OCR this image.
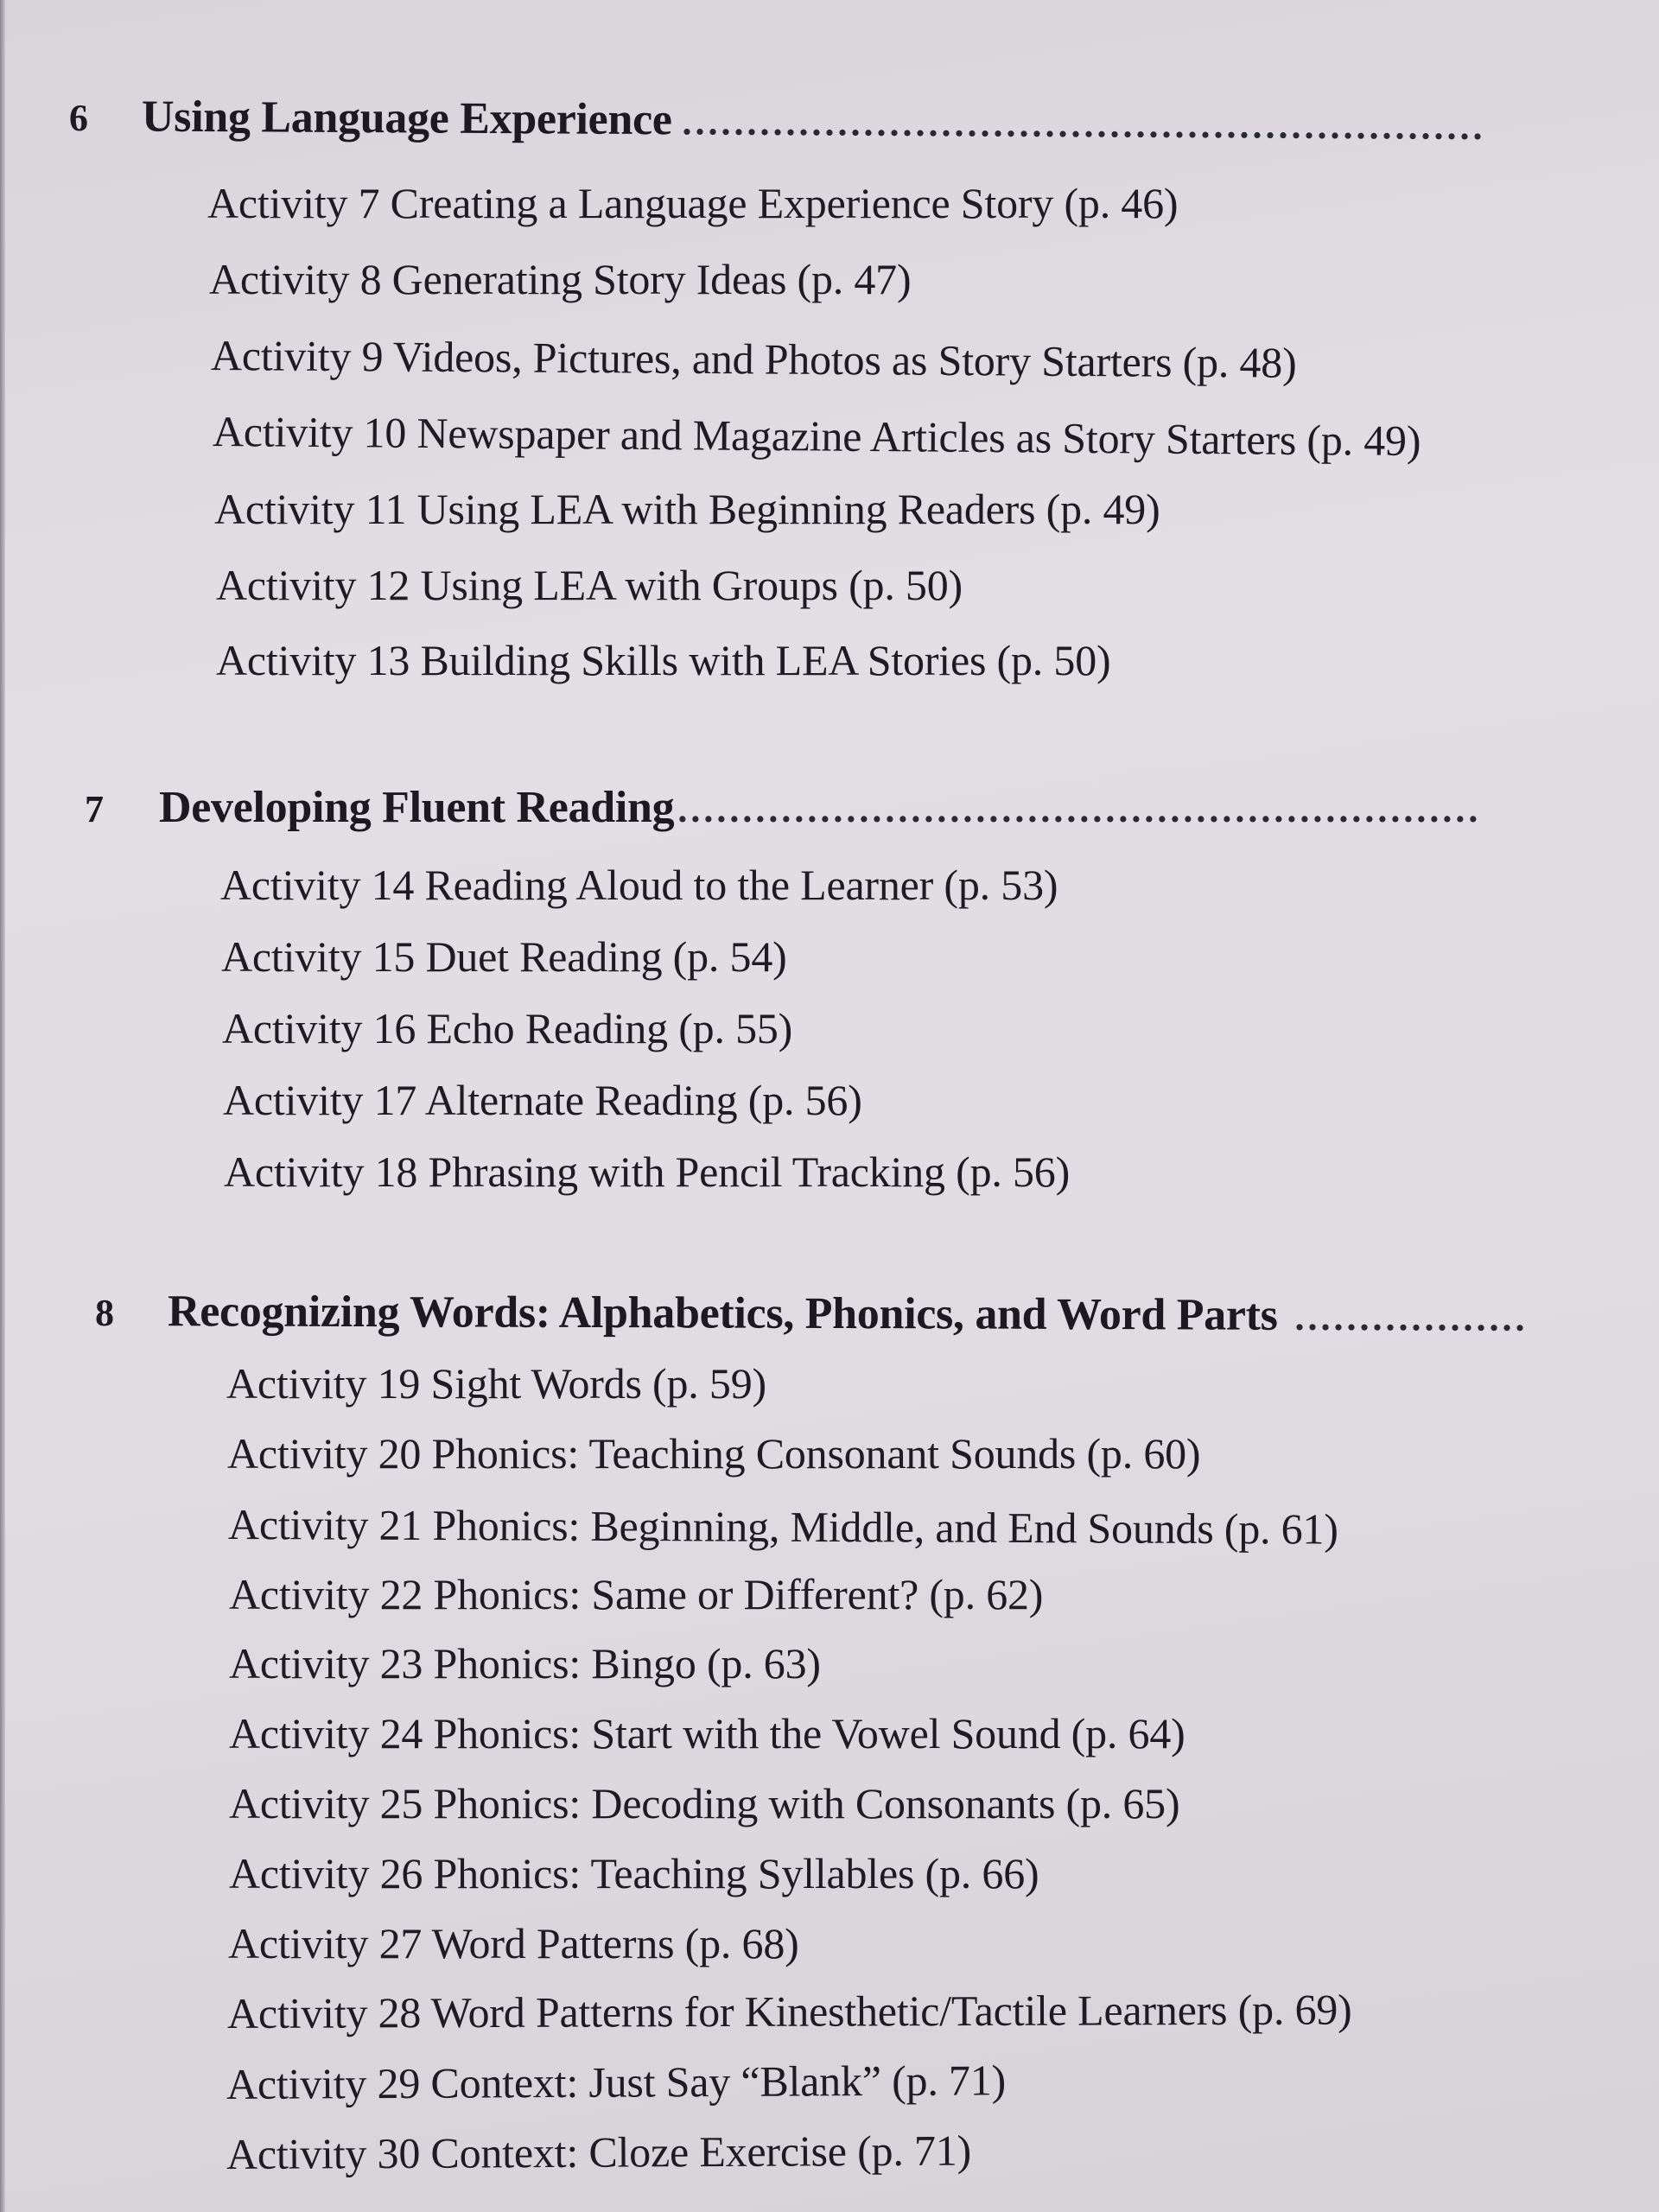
6	Using Language Experience ..............................................................
Activity 7 Creating a Language Experience Story (p. 46)
Activity 8 Generating Story Ideas (p. 47)
Activity 9 Videos, Pictures, and Photos as Story Starters (p. 48)
Activity 10 Newspaper and Magazine Articles as Story Starters (p. 49)
Activity 11 Using LEA with Beginning Readers (p. 49)
Activity 12 Using LEA with Groups (p. 50)
Activity 13 Building Skills with LEA Stories (p. 50)
7	Developing Fluent Reading ..............................................................
Activity 14 Reading Aloud to the Learner (p. 53)
Activity 15 Duet Reading (p. 54)
Activity 16 Echo Reading (p. 55)
Activity 17 Alternate Reading (p. 56)
Activity 18 Phrasing with Pencil Tracking (p. 56)
8	Recognizing Words: Alphabetics, Phonics, and Word Parts ..................
Activity 19 Sight Words (p. 59)
Activity 20 Phonics: Teaching Consonant Sounds (p. 60)
Activity 21 Phonics: Beginning, Middle, and End Sounds (p. 61)
Activity 22 Phonics: Same or Different? (p. 62)
Activity 23 Phonics: Bingo (p. 63)
Activity 24 Phonics: Start with the Vowel Sound (p. 64)
Activity 25 Phonics: Decoding with Consonants (p. 65)
Activity 26 Phonics: Teaching Syllables (p. 66)
Activity 27 Word Patterns (p. 68)
Activity 28 Word Patterns for Kinesthetic/Tactile Learners (p. 69)
Activity 29 Context: Just Say “Blank” (p. 71)
Activity 30 Context: Cloze Exercise (p. 71)
